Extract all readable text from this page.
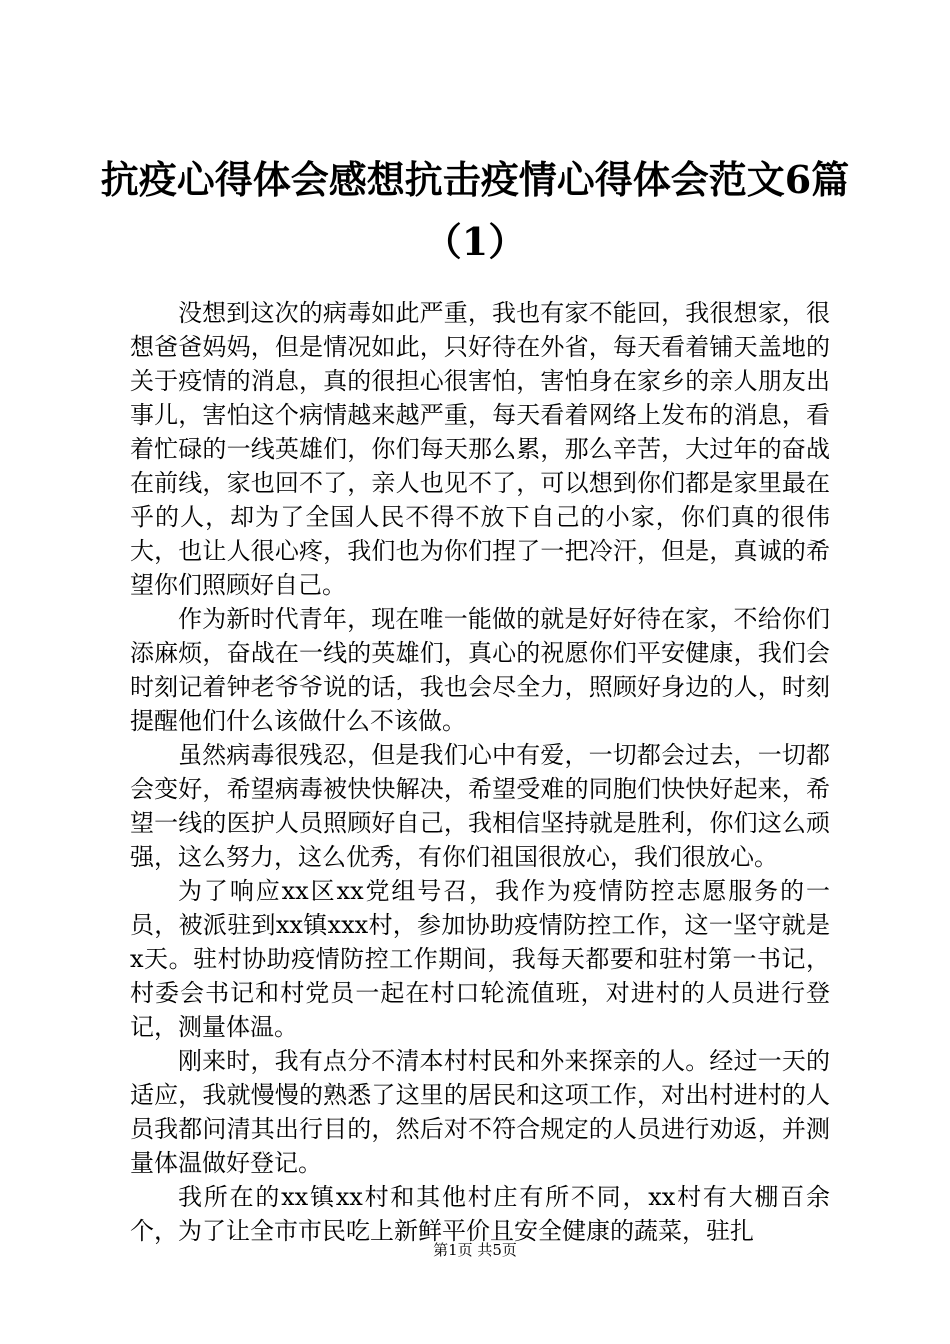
抗疫心得体会感想抗击疫情心得体会范文6篇
（1）

没想到这次的病毒如此严重，我也有家不能回，我很想家，很想爸爸妈妈，但是情况如此，只好待在外省，每天看着铺天盖地的关于疫情的消息，真的很担心很害怕，害怕身在家乡的亲人朋友出事儿，害怕这个病情越来越严重，每天看着网络上发布的消息，看着忙碌的一线英雄们，你们每天那么累，那么辛苦，大过年的奋战在前线，家也回不了，亲人也见不了，可以想到你们都是家里最在乎的人，却为了全国人民不得不放下自己的小家，你们真的很伟大，也让人很心疼，我们也为你们捏了一把冷汗，但是，真诚的希望你们照顾好自己。

作为新时代青年，现在唯一能做的就是好好待在家，不给你们添麻烦，奋战在一线的英雄们，真心的祝愿你们平安健康，我们会时刻记着钟老爷爷说的话，我也会尽全力，照顾好身边的人，时刻提醒他们什么该做什么不该做。

虽然病毒很残忍，但是我们心中有爱，一切都会过去，一切都会变好，希望病毒被快快解决，希望受难的同胞们快快好起来，希望一线的医护人员照顾好自己，我相信坚持就是胜利，你们这么顽强，这么努力，这么优秀，有你们祖国很放心，我们很放心。

为了响应xx区xx党组号召，我作为疫情防控志愿服务的一员，被派驻到xx镇xxx村，参加协助疫情防控工作，这一坚守就是x天。驻村协助疫情防控工作期间，我每天都要和驻村第一书记，村委会书记和村党员一起在村口轮流值班，对进村的人员进行登记，测量体温。

刚来时，我有点分不清本村村民和外来探亲的人。经过一天的适应，我就慢慢的熟悉了这里的居民和这项工作，对出村进村的人员我都问清其出行目的，然后对不符合规定的人员进行劝返，并测量体温做好登记。

我所在的xx镇xx村和其他村庄有所不同，xx村有大棚百余个，为了让全市市民吃上新鲜平价且安全健康的蔬菜，驻扎

第1页 共5页
